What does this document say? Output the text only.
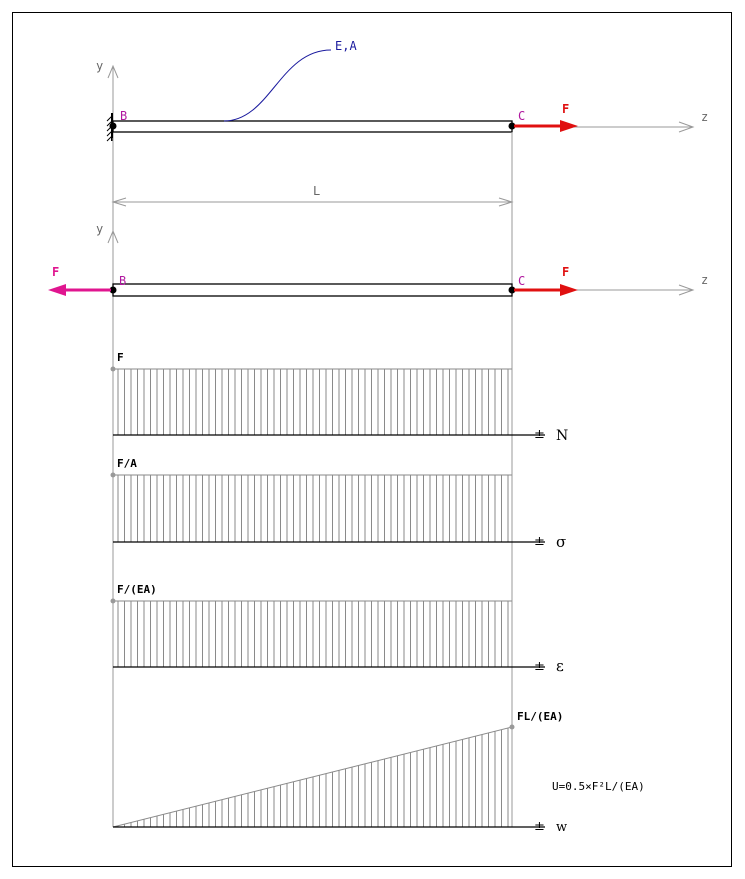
y
z
E,A
B	C	F
L
y
z
B	C
F	F
F
± N
F/A
± σ
F/(EA)
± ε
FL/(EA)
U=0.5×F²L/(EA)
± w
